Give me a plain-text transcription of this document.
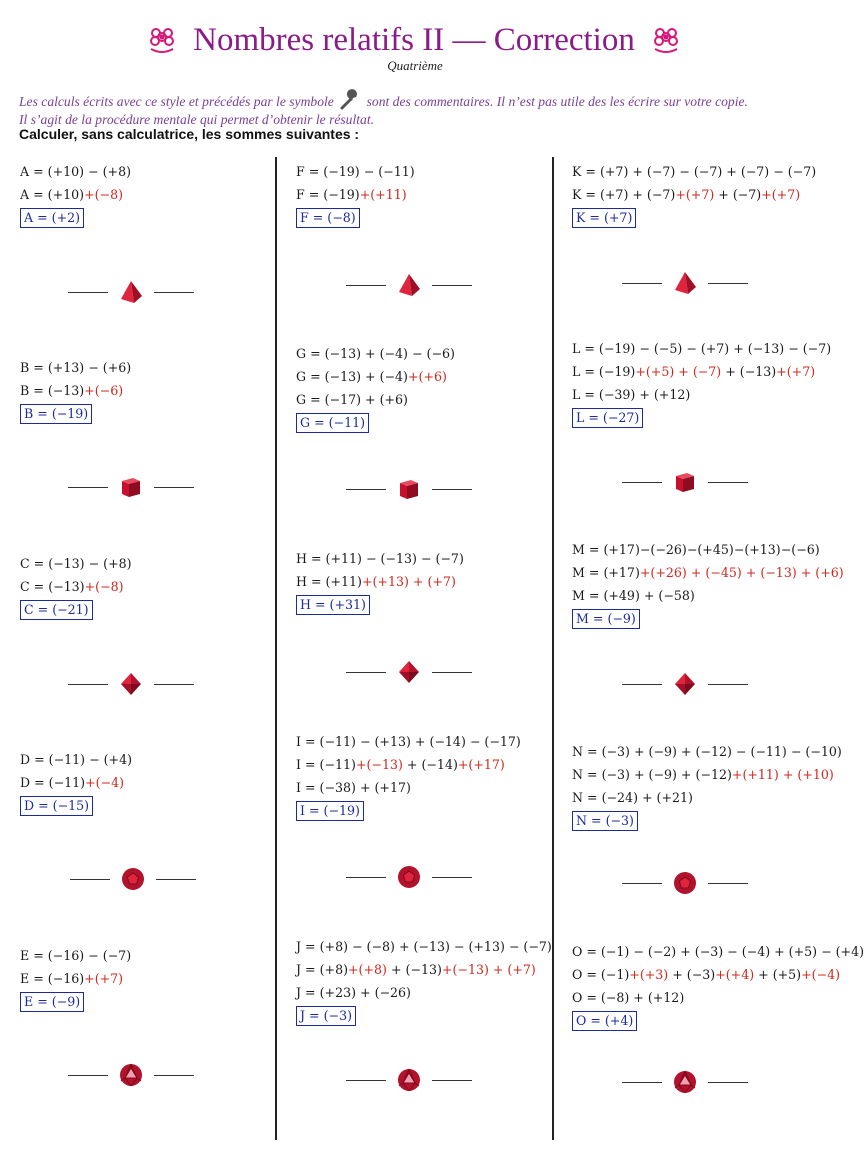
Nombres relatifs II — Correction
Quatrième
Les calculs écrits avec ce style et précédés par le symbole sont des commentaires. Il n’est pas utile des les écrire sur votre copie.
Il s’agit de la procédure mentale qui permet d’obtenir le résultat.
Calculer, sans calculatrice, les sommes suivantes :
A = (+10) − (+8)
A = (+10)+(−8)
A = (+2)
B = (+13) − (+6)
B = (−13)+(−6)
B = (−19)
C = (−13) − (+8)
C = (−13)+(−8)
C = (−21)
D = (−11) − (+4)
D = (−11)+(−4)
D = (−15)
E = (−16) − (−7)
E = (−16)+(+7)
E = (−9)
F = (−19) − (−11)
F = (−19)+(+11)
F = (−8)
G = (−13) + (−4) − (−6)
G = (−13) + (−4)+(+6)
G = (−17) + (+6)
G = (−11)
H = (+11) − (−13) − (−7)
H = (+11)+(+13) + (+7)
H = (+31)
I = (−11) − (+13) + (−14) − (−17)
I = (−11)+(−13) + (−14)+(+17)
I = (−38) + (+17)
I = (−19)
J = (+8) − (−8) + (−13) − (+13) − (−7)
J = (+8)+(+8) + (−13)+(−13) + (+7)
J = (+23) + (−26)
J = (−3)
K = (+7) + (−7) − (−7) + (−7) − (−7)
K = (+7) + (−7)+(+7) + (−7)+(+7)
K = (+7)
L = (−19) − (−5) − (+7) + (−13) − (−7)
L = (−19)+(+5) + (−7) + (−13)+(+7)
L = (−39) + (+12)
L = (−27)
M = (+17)−(−26)−(+45)−(+13)−(−6)
M = (+17)+(+26) + (−45) + (−13) + (+6)
M = (+49) + (−58)
M = (−9)
N = (−3) + (−9) + (−12) − (−11) − (−10)
N = (−3) + (−9) + (−12)+(+11) + (+10)
N = (−24) + (+21)
N = (−3)
O = (−1) − (−2) + (−3) − (−4) + (+5) − (+4)
O = (−1)+(+3) + (−3)+(+4) + (+5)+(−4)
O = (−8) + (+12)
O = (+4)
